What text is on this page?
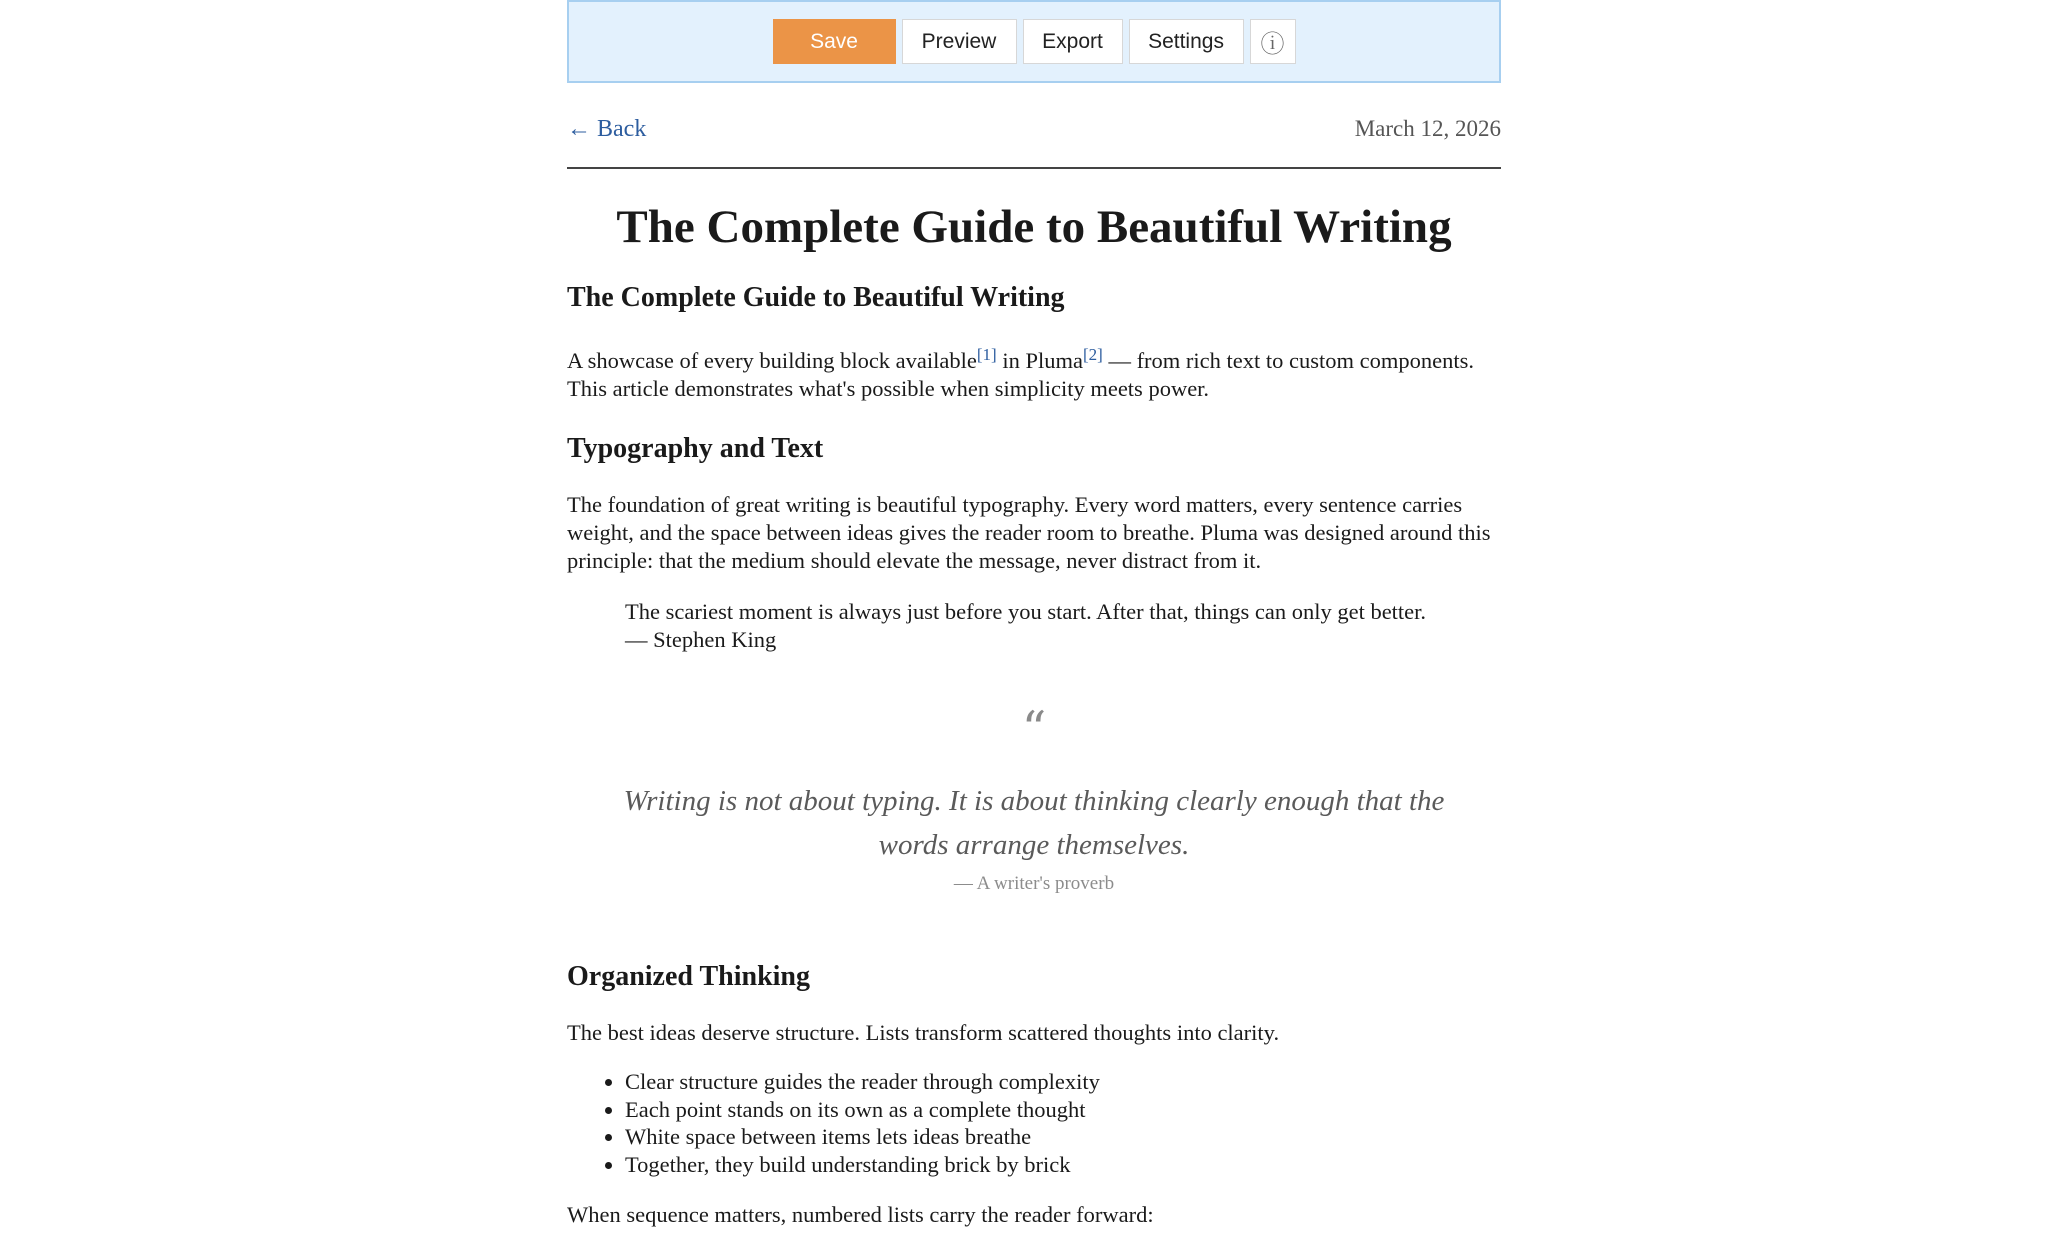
Save	Preview	Export	Settings	ⓘ
← Back	March 12, 2026
The Complete Guide to Beautiful Writing
The Complete Guide to Beautiful Writing

A showcase of every building block available[1] in Pluma[2] — from rich text to custom components. This article demonstrates what's possible when simplicity meets power.

Typography and Text

The foundation of great writing is beautiful typography. Every word matters, every sentence carries weight, and the space between ideas gives the reader room to breathe. Pluma was designed around this principle: that the medium should elevate the message, never distract from it.

The scariest moment is always just before you start. After that, things can only get better.
— Stephen King
“
Writing is not about typing. It is about thinking clearly enough that the words arrange themselves.
— A writer's proverb
Organized Thinking

The best ideas deserve structure. Lists transform scattered thoughts into clarity.

• Clear structure guides the reader through complexity
• Each point stands on its own as a complete thought
• White space between items lets ideas breathe
• Together, they build understanding brick by brick

When sequence matters, numbered lists carry the reader forward:
